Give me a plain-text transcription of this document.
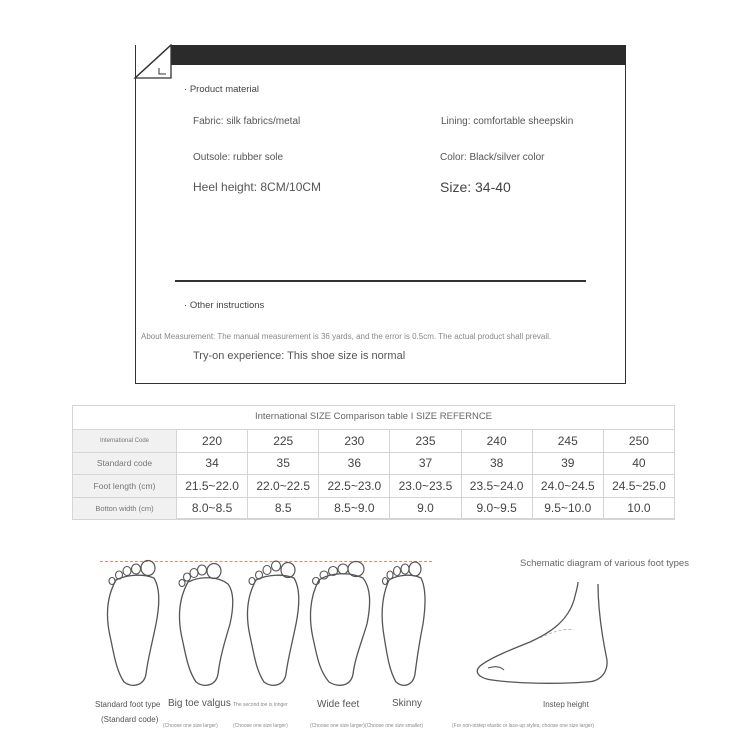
· Product material
Fabric: silk fabrics/metal	Lining: comfortable sheepskin
Outsole: rubber sole	Color: Black/silver color
Heel height: 8CM/10CM	Size: 34-40
· Other instructions
About Measurement: The manual measurement is 36 yards, and the error is 0.5cm. The actual product shall prevail.
Try-on experience: This shoe size is normal
International SIZE Comparison table I SIZE REFERNCE
International Code	220	225	230	235	240	245	250
Standard code	34	35	36	37	38	39	40
Foot length (cm)	21.5~22.0	22.0~22.5	22.5~23.0	23.0~23.5	23.5~24.0	24.0~24.5	24.5~25.0
Botton width (cm)	8.0~8.5	8.5	8.5~9.0	9.0	9.0~9.5	9.5~10.0	10.0
Schematic diagram of various foot types
Standard foot type
(Standard code)
Big toe valgus
(Choose one size larger)
The second toe is longer
(Choose one size larger)
Wide feet
(Choose one size larger)
Skinny
(Choose one size smaller)
Instep height
(For non-instep elastic or lace-up styles, choose one size larger)
